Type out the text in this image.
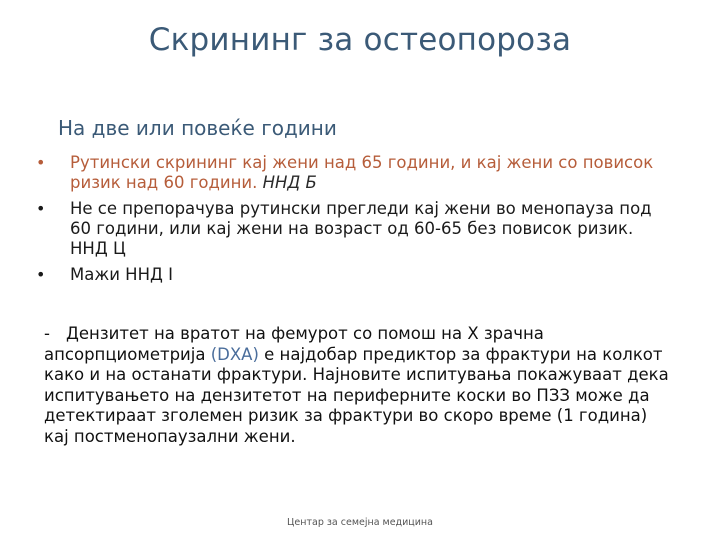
Скрининг за остеопороза
На две или повеќе години
• Рутински скрининг кај жени над 65 години, и кај жени со повисок ризик над 60 години. ННД Б
• Не се препорачува рутински прегледи кај жени во менопауза под 60 години, или кај жени на возраст од 60-65 без повисок ризик. ННД Ц
• Мажи ННД I

- Дензитет на вратот на фемурот со помош на X зрачна апсорпциометрија (DXA) е најдобар предиктор за фрактури на колкот како и на останати фрактури. Најновите испитувања покажуваат дека испитувањето на дензитетот на периферните коски во ПЗЗ може да детектираат зголемен ризик за фрактури во скоро време (1 година) кај постменопаузални жени.

Центар за семејна медицина
